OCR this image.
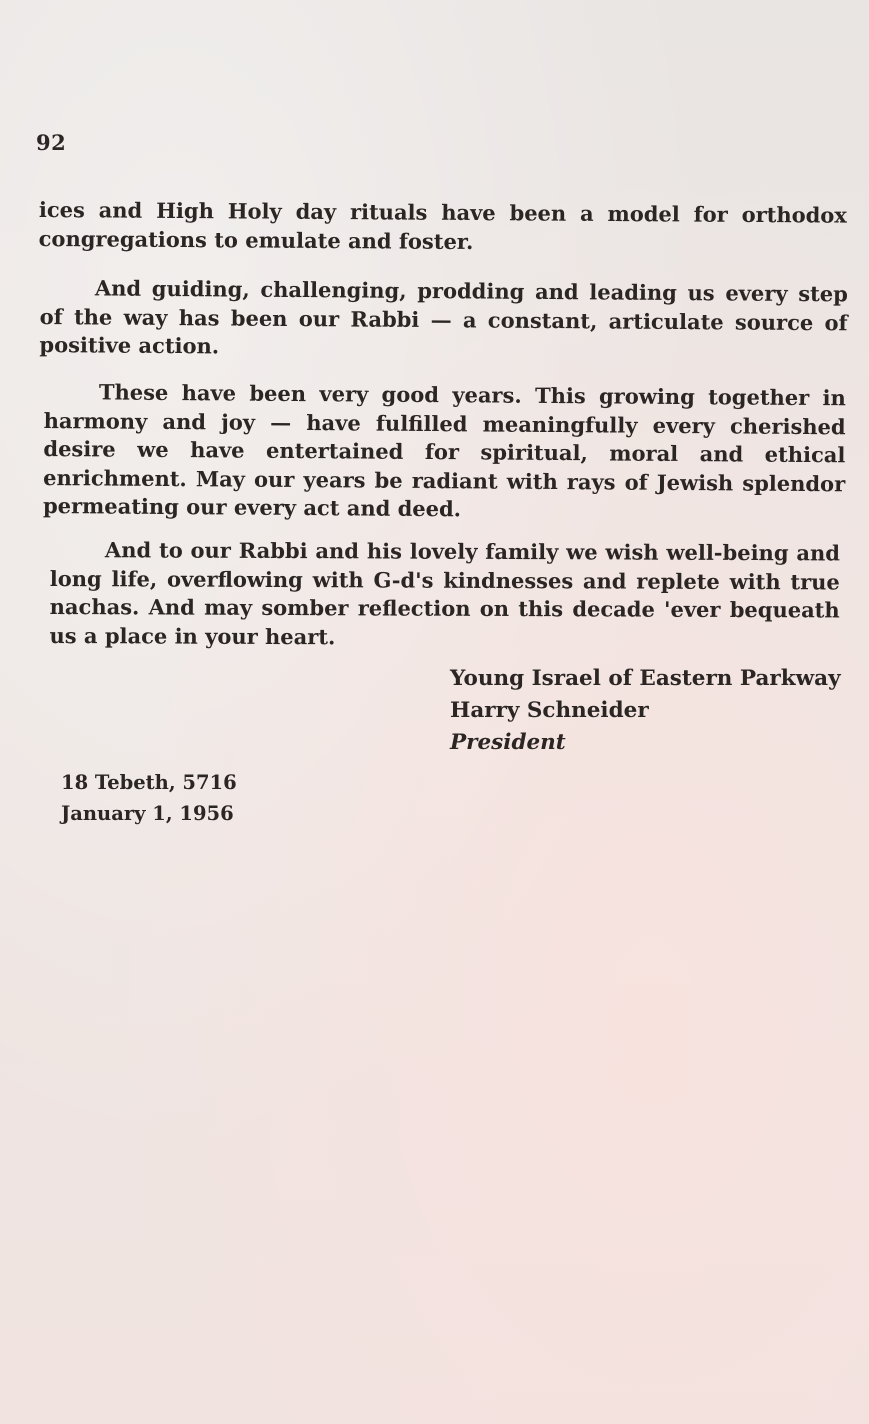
92

ices and High Holy day rituals have been a model for orthodox congregations to emulate and foster.

And guiding, challenging, prodding and leading us every step of the way has been our Rabbi — a constant, articulate source of positive action.

These have been very good years. This growing together in harmony and joy — have fulfilled meaningfully every cherished desire we have entertained for spiritual, moral and ethical enrichment. May our years be radiant with rays of Jewish splendor permeating our every act and deed.

And to our Rabbi and his lovely family we wish well-being and long life, overflowing with G-d's kindnesses and replete with true nachas. And may somber reflection on this decade 'ever bequeath us a place in your heart.

Young Israel of Eastern Parkway
Harry Schneider
President
18 Tebeth, 5716
January 1, 1956
